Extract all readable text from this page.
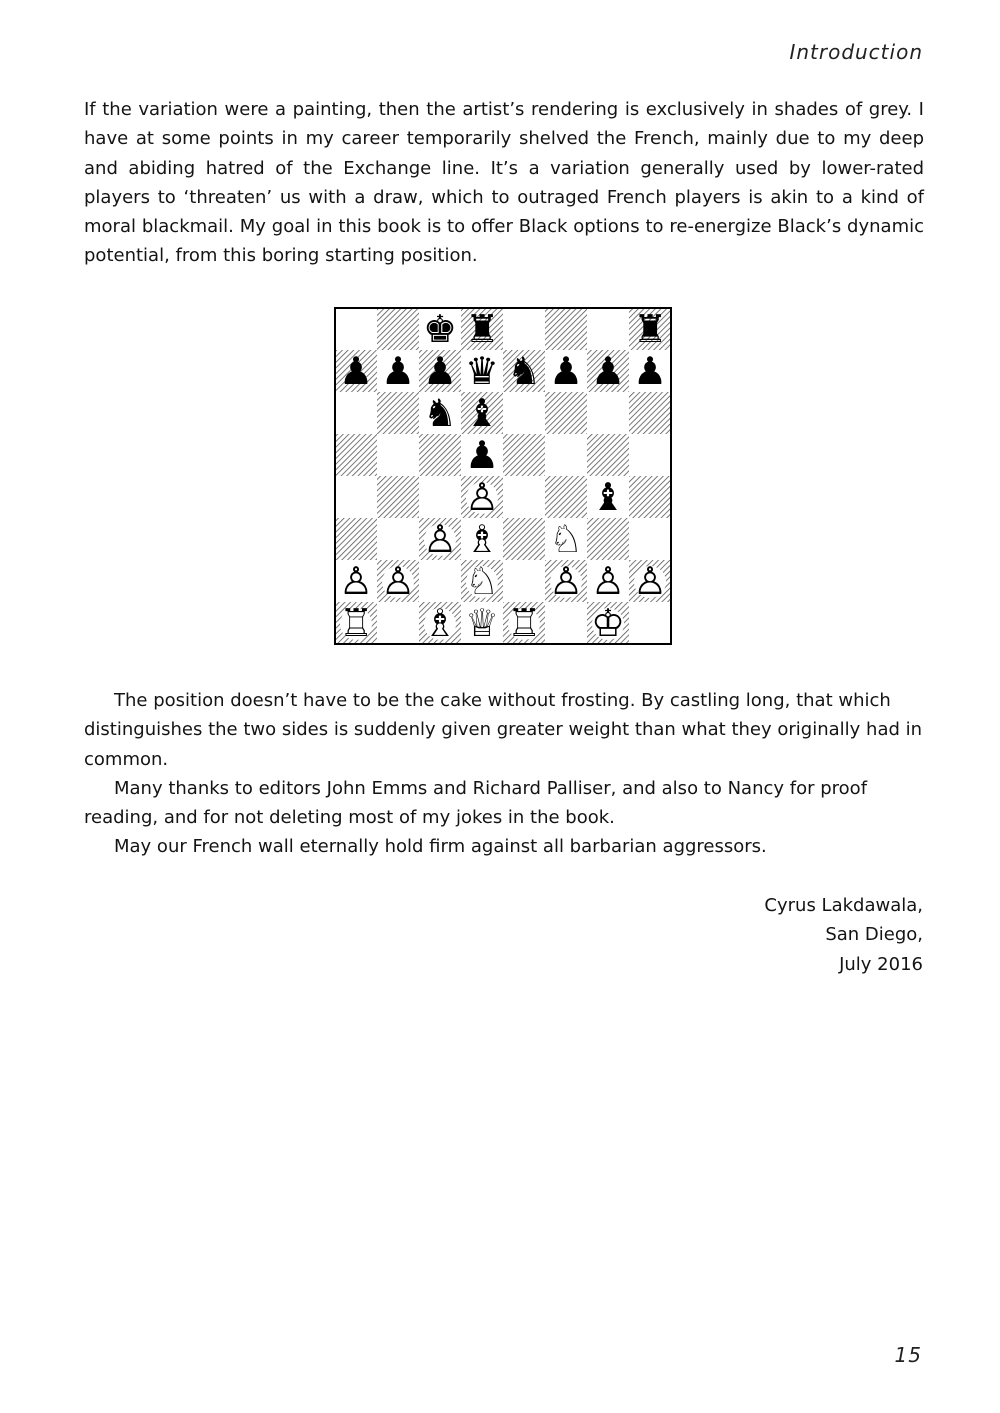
Introduction

If the variation were a painting, then the artist’s rendering is exclusively in shades of grey. I have at some points in my career temporarily shelved the French, mainly due to my deep and abiding hatred of the Exchange line. It’s a variation generally used by lower-rated players to ‘threaten’ us with a draw, which to outraged French players is akin to a kind of moral blackmail. My goal in this book is to offer Black options to re-energize Black’s dynamic potential, from this boring starting position.

♚ ♜	♜
♟ ♟ ♟ ♛ ♞ ♟ ♟ ♟
♞ ♝
♟
♙ ♝
♙ ♗ ♘
♙ ♙ ♘ ♙ ♙ ♙
♖ ♗ ♕ ♖ ♔

The position doesn’t have to be the cake without frosting. By castling long, that which distinguishes the two sides is suddenly given greater weight than what they originally had in common.

Many thanks to editors John Emms and Richard Palliser, and also to Nancy for proof reading, and for not deleting most of my jokes in the book.

May our French wall eternally hold firm against all barbarian aggressors.

Cyrus Lakdawala,
San Diego,
July 2016
15
